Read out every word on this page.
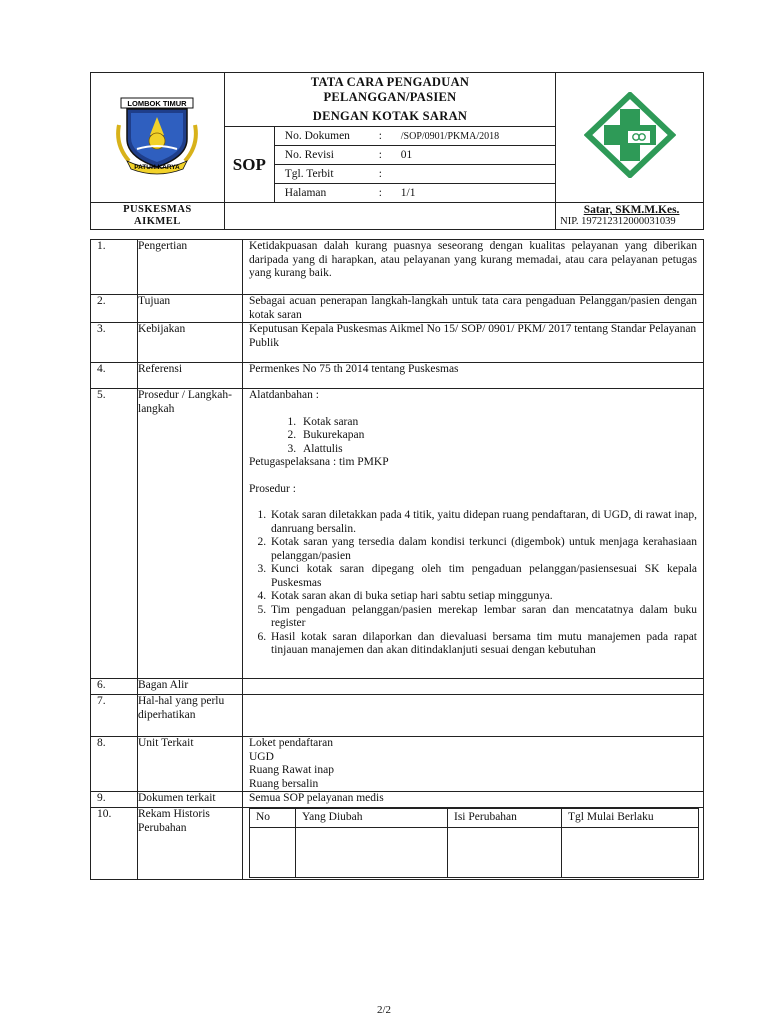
LOMBOK TIMUR
PATUH KARYA

TATA CARA PENGADUAN
PELANGGAN/PASIEN
DENGAN KOTAK SARAN

SOP	
No. Dokumen	: /SOP/0901/PKMA/2018
No. Revisi	: 01
Tgl. Terbit	:
Halaman	: 1/1

PUSKESMAS
AIKMEL

Satar, SKM.M.Kes.
NIP. 197212312000031039
1.	Pengertian	Ketidakpuasan dalah kurang puasnya seseorang dengan kualitas pelayanan yang diberikan daripada yang di harapkan, atau pelayanan yang kurang memadai, atau cara pelayanan petugas yang kurang baik.
2.	Tujuan	Sebagai acuan penerapan langkah-langkah untuk tata cara pengaduan Pelanggan/pasien dengan kotak saran
3.	Kebijakan	Keputusan Kepala Puskesmas Aikmel No 15/ SOP/ 0901/ PKM/ 2017 tentang Standar Pelayanan Publik
4.	Referensi	Permenkes No 75 th 2014 tentang Puskesmas
5.	Prosedur / Langkah-langkah	
Alatdanbahan :
1. Kotak saran
2. Bukurekapan
3. Alattulis
Petugaspelaksana : tim PMKP
Prosedur :
1. Kotak saran diletakkan pada 4 titik, yaitu didepan ruang pendaftaran, di UGD, di rawat inap, danruang bersalin.
2. Kotak saran yang tersedia dalam kondisi terkunci (digembok) untuk menjaga kerahasiaan pelanggan/pasien
3. Kunci kotak saran dipegang oleh tim pengaduan pelanggan/pasiensesuai SK kepala Puskesmas
4. Kotak saran akan di buka setiap hari sabtu setiap minggunya.
5. Tim pengaduan pelanggan/pasien merekap lembar saran dan mencatatnya dalam buku register
6. Hasil kotak saran dilaporkan dan dievaluasi bersama tim mutu manajemen pada rapat tinjauan manajemen dan akan ditindaklanjuti sesuai dengan kebutuhan

6.	Bagan Alir	
7.	Hal-hal yang perlu diperhatikan	
8.	Unit Terkait	Loket pendaftaran
UGD
Ruang Rawat inap
Ruang bersalin

9.	Dokumen terkait	Semua SOP pelayanan medis
10.	Rekam Historis Perubahan	
No	Yang Diubah	Isi Perubahan	Tgl Mulai Berlaku

2/2
